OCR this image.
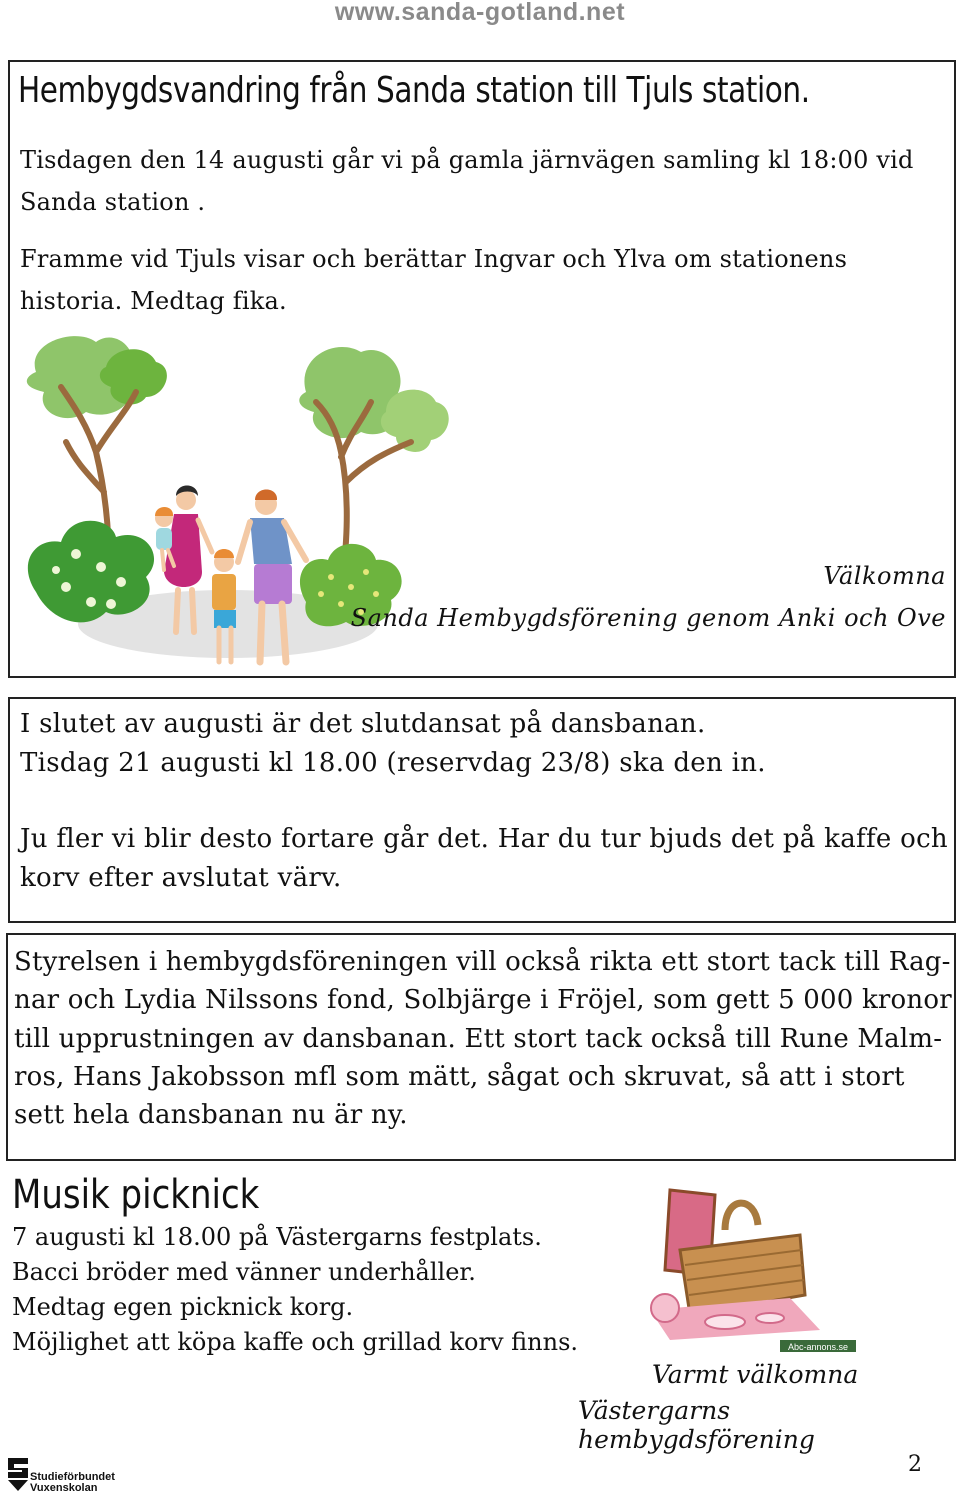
www.sanda-gotland.net
Hembygdsvandring från Sanda station till Tjuls station.
Tisdagen den 14 augusti går vi på gamla järnvägen samling kl 18:00 vid
Sanda station .
Framme vid Tjuls visar och berättar Ingvar och Ylva om stationens
historia. Medtag fika.
Välkomna
Sanda Hembygdsförening genom Anki och Ove
I slutet av augusti är det slutdansat på dansbanan.
Tisdag 21 augusti kl 18.00 (reservdag 23/8) ska den in.
Ju fler vi blir desto fortare går det. Har du tur bjuds det på kaffe och
korv efter avslutat värv.
Styrelsen i hembygdsföreningen vill också rikta ett stort tack till Rag-
nar och Lydia Nilssons fond, Solbjärge i Fröjel, som gett 5 000 kronor
till upprustningen av dansbanan. Ett stort tack också till Rune Malm-
ros, Hans Jakobsson mfl som mätt, sågat och skruvat, så att i stort
sett hela dansbanan nu är ny.
Musik picknick
7 augusti kl 18.00 på Västergarns festplats.
Bacci bröder med vänner underhåller.
Medtag egen picknick korg.
Möjlighet att köpa kaffe och grillad korv finns.	Abc-annons.se
Varmt välkomna
Västergarns hembygdsförening
Studieförbundet
Vuxenskolan
2
